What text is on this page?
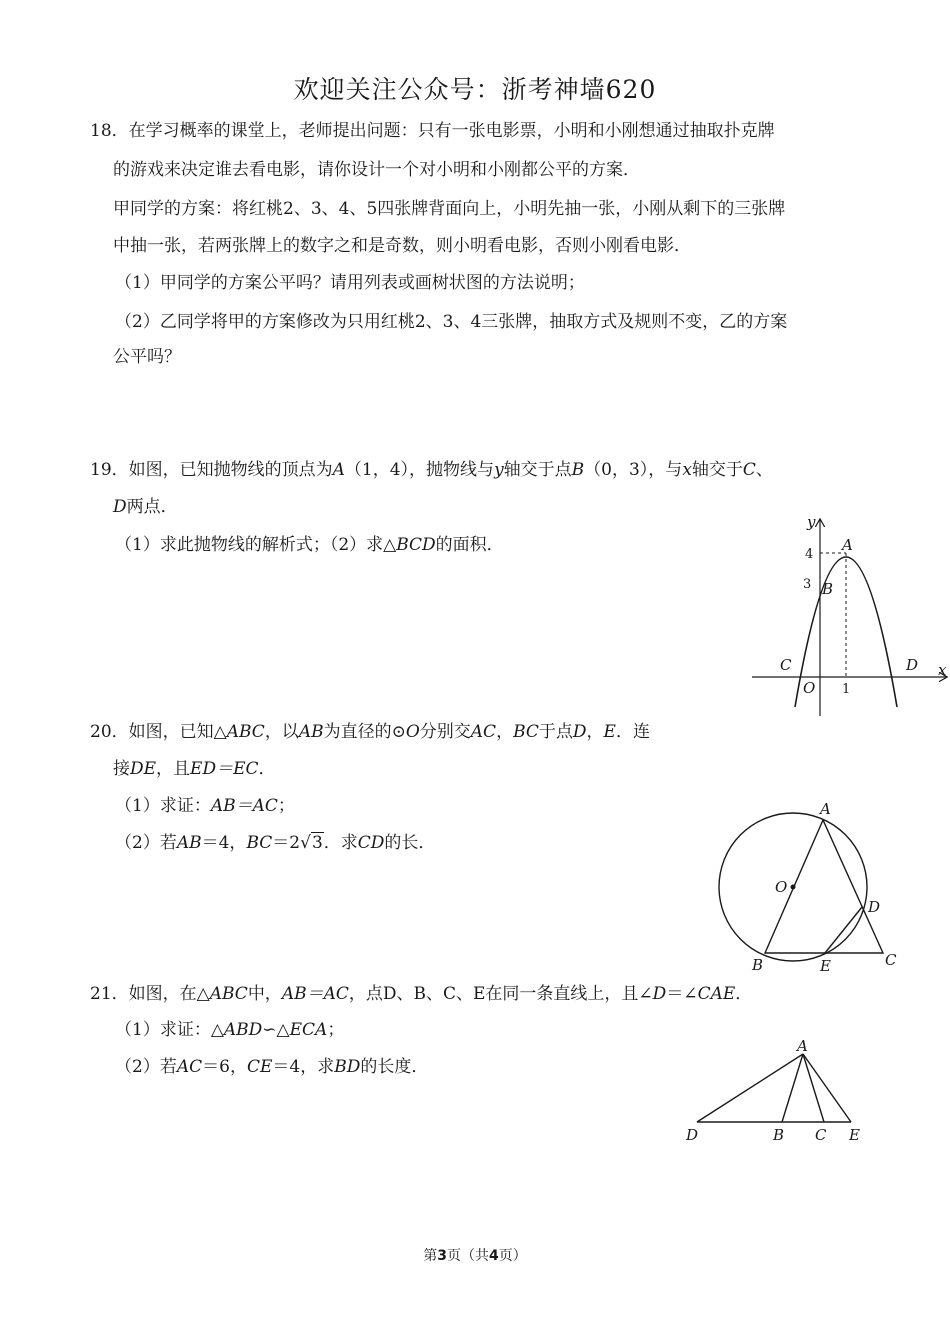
欢迎关注公众号：浙考神墙620
18．在学习概率的课堂上，老师提出问题：只有一张电影票，小明和小刚想通过抽取扑克牌
的游戏来决定谁去看电影，请你设计一个对小明和小刚都公平的方案．
甲同学的方案：将红桃2、3、4、5四张牌背面向上，小明先抽一张，小刚从剩下的三张牌
中抽一张，若两张牌上的数字之和是奇数，则小明看电影，否则小刚看电影．
（1）甲同学的方案公平吗？请用列表或画树状图的方法说明；
（2）乙同学将甲的方案修改为只用红桃2、3、4三张牌，抽取方式及规则不变，乙的方案
公平吗？
19．如图，已知抛物线的顶点为A（1，4），抛物线与y轴交于点B（0，3），与x轴交于C、
D两点．
（1）求此抛物线的解析式；（2）求△BCD的面积．
y
x
4
3
1
O
A
B
C	D
20．如图，已知△ABC，以AB为直径的⊙O分别交AC，BC于点D，E．连
接DE，且ED＝EC．
（1）求证：AB＝AC；
（2）若AB＝4，BC＝2√3．求CD的长．
A
O
D
B	E	C
21．如图，在△ABC中，AB＝AC，点D、B、C、E在同一条直线上，且∠D＝∠CAE．
（1）求证：△ABD∽△ECA；
（2）若AC＝6，CE＝4，求BD的长度．
A
D	B C E
第3页（共4页）
